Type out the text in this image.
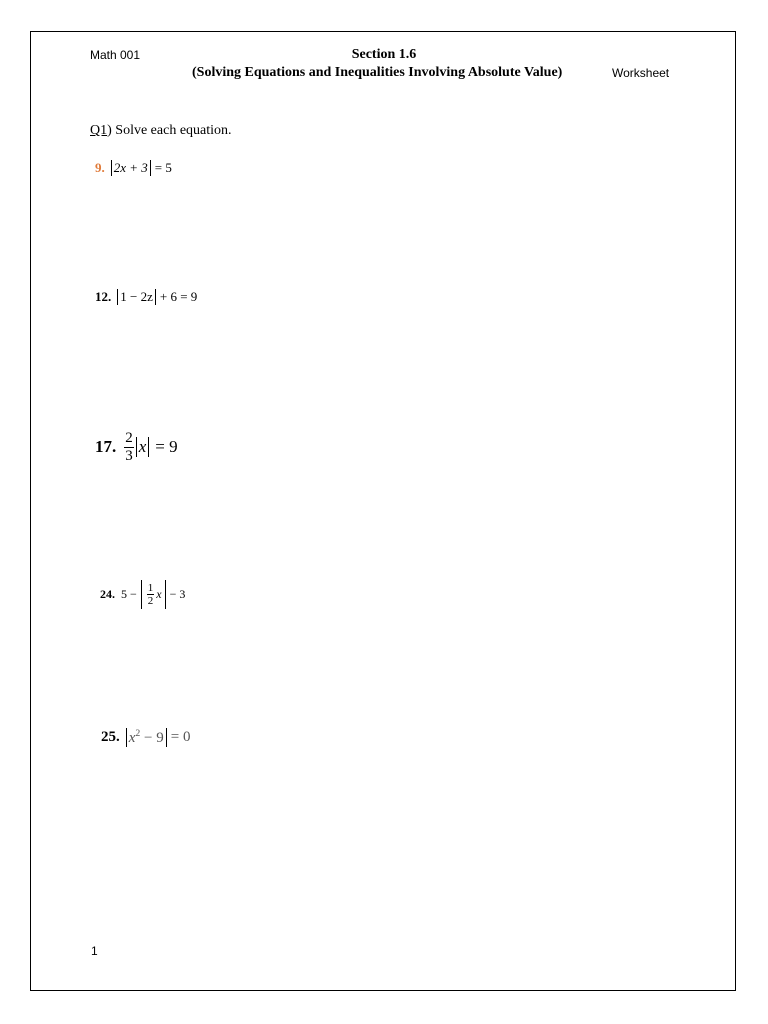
Math 001	Section 1.6
(Solving Equations and Inequalities Involving Absolute Value)	Worksheet
Q1) Solve each equation.
9. 2x + 3 = 5
12. 1 − 2z + 6 = 9
17. $\frac{2}{3}$ x = 9
24. $5 - \frac{1}{2}$ x − 3
25. $x^2 - 9 = 0$
1
